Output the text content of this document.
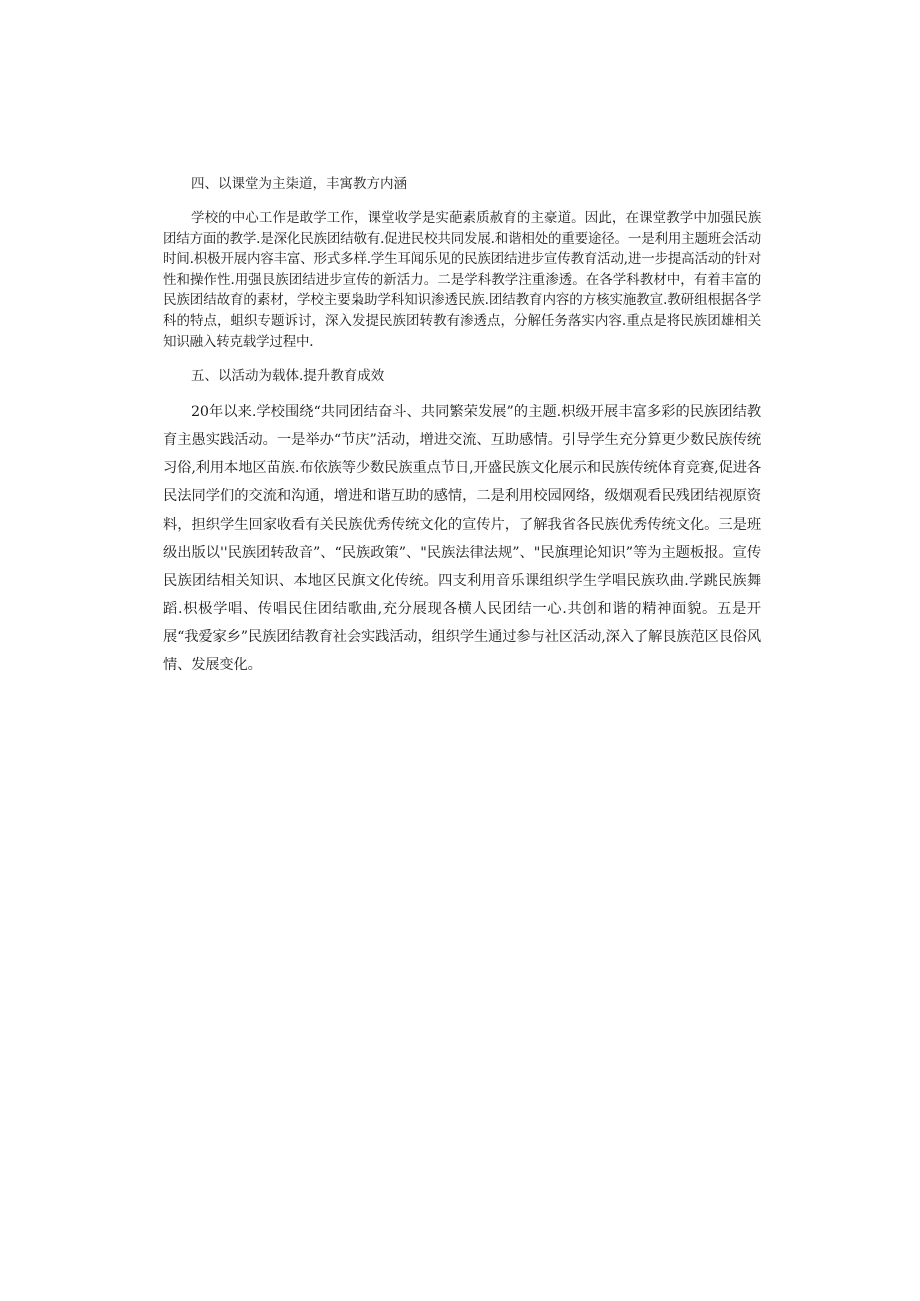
四、以课堂为主柒道，丰寓教方内涵

学校的中心工作是敢学工作，课堂收学是实葩素质赦育的主豪道。因此，在课堂教学中加强民族团结方面的教学.是深化民族团结敬有.促进民校共同发展.和谐相处的重要途径。一是利用主题班会活动时间.枳极开展内容丰富、形式多样.学生耳闻乐见的民族团结进步宣传教育活动,进一步提高活动的针对性和操作性.用强艮族团结进步宣传的新活力。二是学科教学注重渗透。在各学科教材中，有着丰富的民族团结故育的素材，学校主要枭助学科知识渗透民族.团结教育内容的方核实施教宣.教研组根据各学科的特点，蛆织专题诉讨，深入发提民族团转教有渗透点，分解任务落实内容.重点是将民族团雄相关知识融入转克载学过程中.

五、以活动为载体.提升教育成效

20年以来.学校围绕“共同团结奋斗、共同繁荣发展”的主题.枳级开展丰富多彩的民族团结教育主愚实践活动。一是举办“节庆”活动，增进交流、互助感情。引导学生充分算更少数民族传统习俗,利用本地区苗族.布依族等少数民族重点节日,开盛民族文化展示和民族传统体育竞赛,促进各民法同学们的交流和沟通，增进和谐互助的感情，二是利用校园网络，级烟观看民残团结视原资料，担织学生回家收看有关民族优秀传统文化的宣传片，了解我省各民族优秀传统文化。三是班级出版以''民族团转敌音”、“民族政策”、"民族法律法规”、"民旗理论知识”等为主题板报。宣传民族团结相关知识、本地区民旗文化传统。四支利用音乐课组织学生学唱民族玖曲.学跳民族舞蹈.枳极学唱、传唱民住团结歌曲,充分展现各横人民团结一心.共创和谐的精神面貌。五是开展“我爱家乡”民族团结教育社会实践活动，组织学生通过参与社区活动,深入了解艮族范区艮俗风情、发展变化。
